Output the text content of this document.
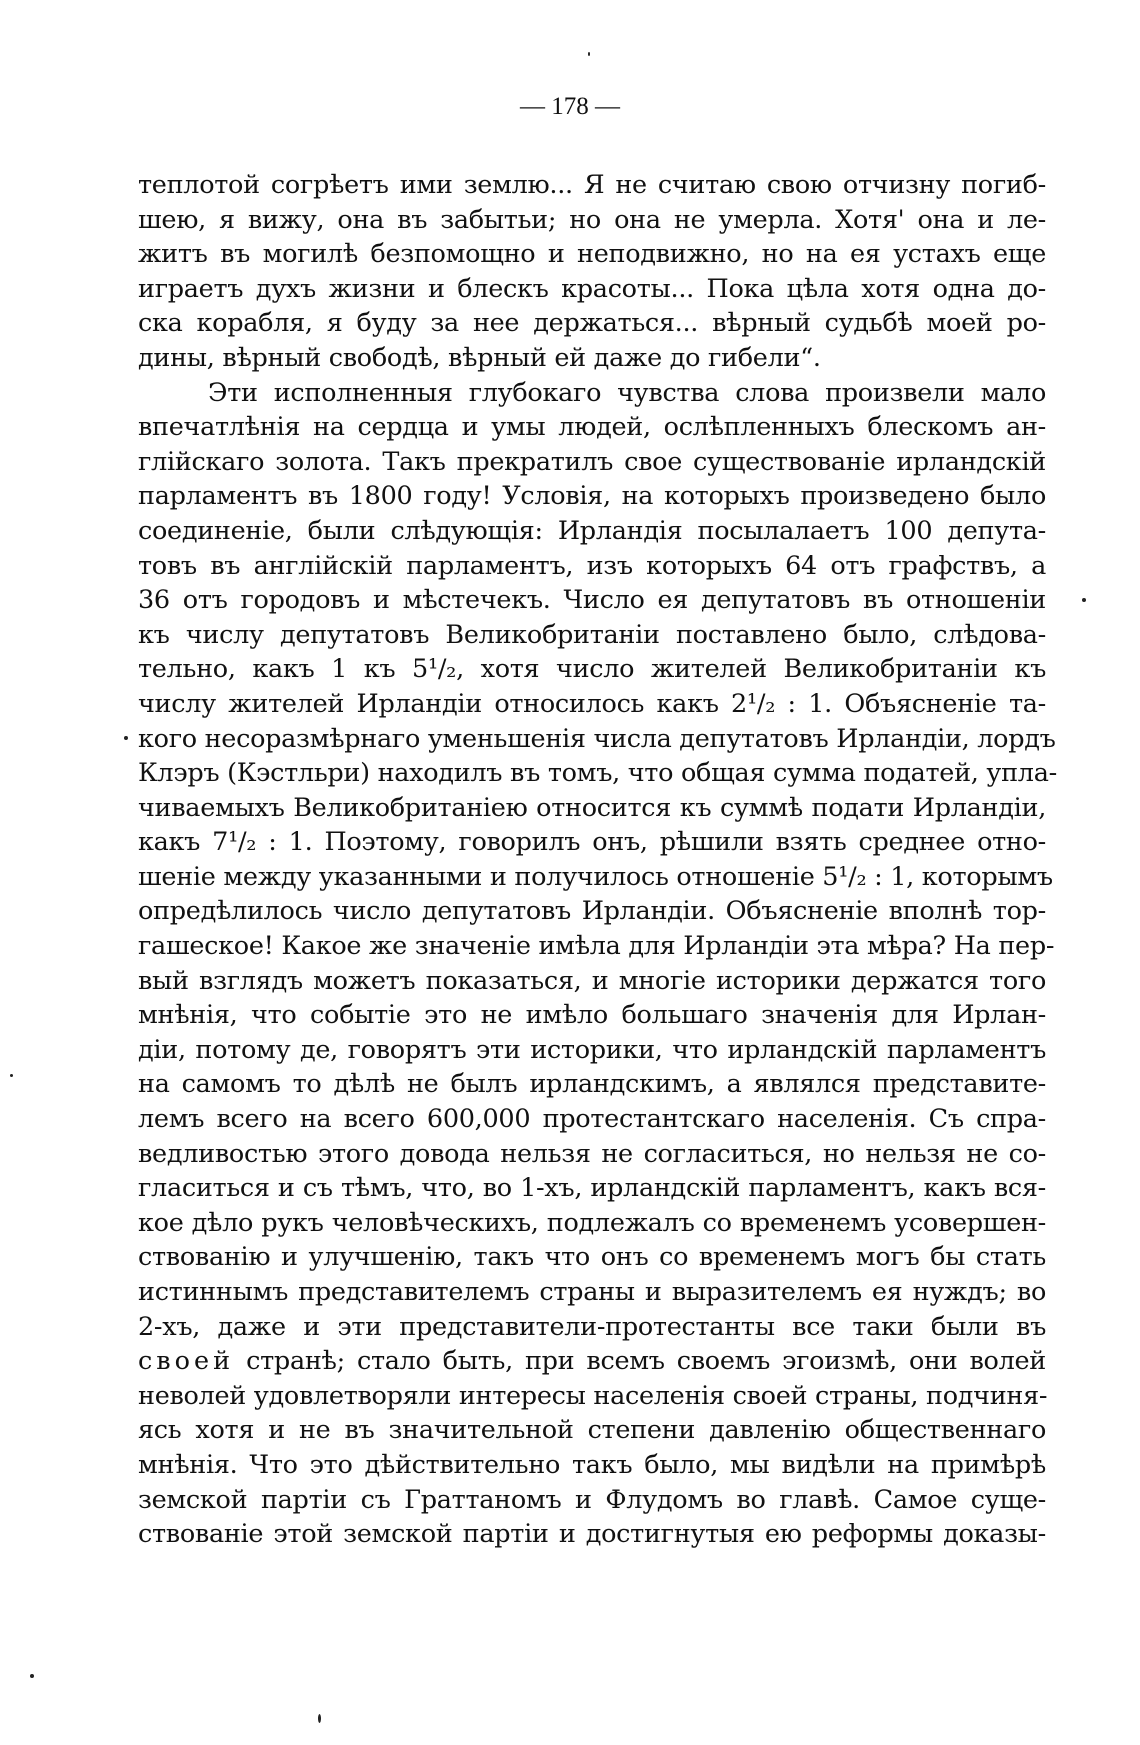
— 178 —
теплотой согрѣетъ ими землю... Я не считаю свою отчизну погиб-
шею, я вижу, она въ забытьи; но она не умерла. Хотя' она и ле-
житъ въ могилѣ безпомощно и неподвижно, но на ея устахъ еще
играетъ духъ жизни и блескъ красоты... Пока цѣла хотя одна до-
ска корабля, я буду за нее держаться... вѣрный судьбѣ моей ро-
дины, вѣрный свободѣ, вѣрный ей даже до гибели“.
Эти исполненныя глубокаго чувства слова произвели мало
впечатлѣнія на сердца и умы людей, ослѣпленныхъ блескомъ ан-
глійскаго золота. Такъ прекратилъ свое существованіе ирландскій
парламентъ въ 1800 году! Условія, на которыхъ произведено было
соединеніе, были слѣдующія: Ирландія посылалаетъ 100 депута-
товъ въ англійскій парламентъ, изъ которыхъ 64 отъ графствъ, а
36 отъ городовъ и мѣстечекъ. Число ея депутатовъ въ отношеніи
къ числу депутатовъ Великобританіи поставлено было, слѣдова-
тельно, какъ 1 къ 5¹/₂, хотя число жителей Великобританіи къ
числу жителей Ирландіи относилось какъ 2¹/₂ : 1. Объясненіе та-
кого несоразмѣрнаго уменьшенія числа депутатовъ Ирландіи, лордъ
Клэръ (Кэстльри) находилъ въ томъ, что общая сумма податей, упла-
чиваемыхъ Великобританіею относится къ суммѣ подати Ирландіи,
какъ 7¹/₂ : 1. Поэтому, говорилъ онъ, рѣшили взять среднее отно-
шеніе между указанными и получилось отношеніе 5¹/₂ : 1, которымъ
опредѣлилось число депутатовъ Ирландіи. Объясненіе вполнѣ тор-
гашеское! Какое же значеніе имѣла для Ирландіи эта мѣра? На пер-
вый взглядъ можетъ показаться, и многіе историки держатся того
мнѣнія, что событіе это не имѣло большаго значенія для Ирлан-
діи, потому де, говорятъ эти историки, что ирландскій парламентъ
на самомъ то дѣлѣ не былъ ирландскимъ, а являлся представите-
лемъ всего на всего 600,000 протестантскаго населенія. Съ спра-
ведливостью этого довода нельзя не согласиться, но нельзя не со-
гласиться и съ тѣмъ, что, во 1-хъ, ирландскій парламентъ, какъ вся-
кое дѣло рукъ человѣческихъ, подлежалъ со временемъ усовершен-
ствованію и улучшенію, такъ что онъ со временемъ могъ бы стать
истиннымъ представителемъ страны и выразителемъ ея нуждъ; во
2-хъ, даже и эти представители-протестанты все таки были въ
своей странѣ; стало быть, при всемъ своемъ эгоизмѣ, они волей
неволей удовлетворяли интересы населенія своей страны, подчиня-
ясь хотя и не въ значительной степени давленію общественнаго
мнѣнія. Что это дѣйствительно такъ было, мы видѣли на примѣрѣ
земской партіи съ Граттаномъ и Флудомъ во главѣ. Самое суще-
ствованіе этой земской партіи и достигнутыя ею реформы доказы-
